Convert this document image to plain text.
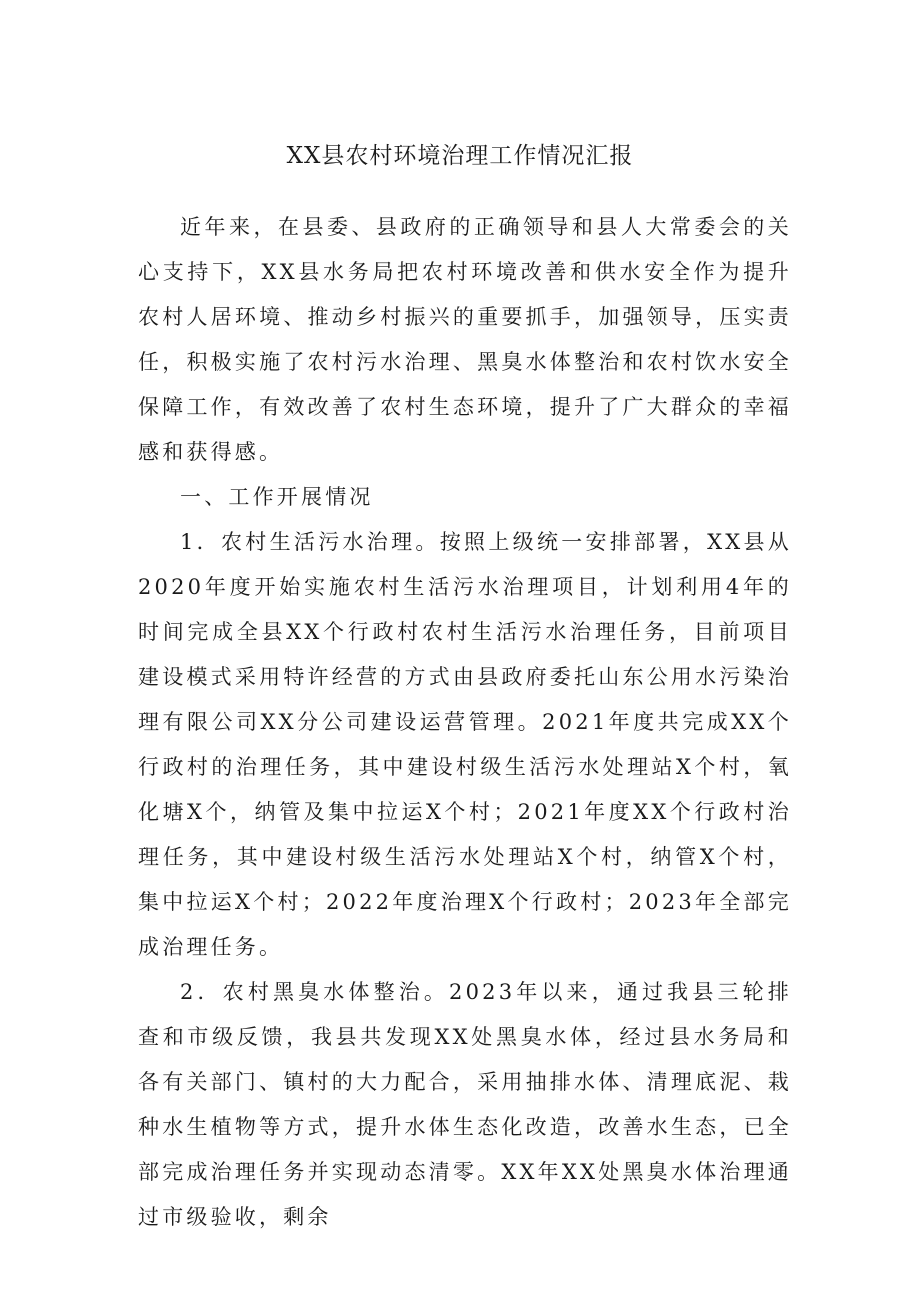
XX县农村环境治理工作情况汇报

近年来，在县委、县政府的正确领导和县人大常委会的关心支持下，XX县水务局把农村环境改善和供水安全作为提升农村人居环境、推动乡村振兴的重要抓手，加强领导，压实责任，积极实施了农村污水治理、黑臭水体整治和农村饮水安全保障工作，有效改善了农村生态环境，提升了广大群众的幸福感和获得感。

一、工作开展情况

1．农村生活污水治理。按照上级统一安排部署，XX县从2020年度开始实施农村生活污水治理项目，计划利用4年的时间完成全县XX个行政村农村生活污水治理任务，目前项目建设模式采用特许经营的方式由县政府委托山东公用水污染治理有限公司XX分公司建设运营管理。2021年度共完成XX个行政村的治理任务，其中建设村级生活污水处理站X个村，氧化塘X个，纳管及集中拉运X个村；2021年度XX个行政村治理任务，其中建设村级生活污水处理站X个村，纳管X个村，集中拉运X个村；2022年度治理X个行政村；2023年全部完成治理任务。

2．农村黑臭水体整治。2023年以来，通过我县三轮排查和市级反馈，我县共发现XX处黑臭水体，经过县水务局和各有关部门、镇村的大力配合，采用抽排水体、清理底泥、栽种水生植物等方式，提升水体生态化改造，改善水生态，已全部完成治理任务并实现动态清零。XX年XX处黑臭水体治理通过市级验收，剩余
